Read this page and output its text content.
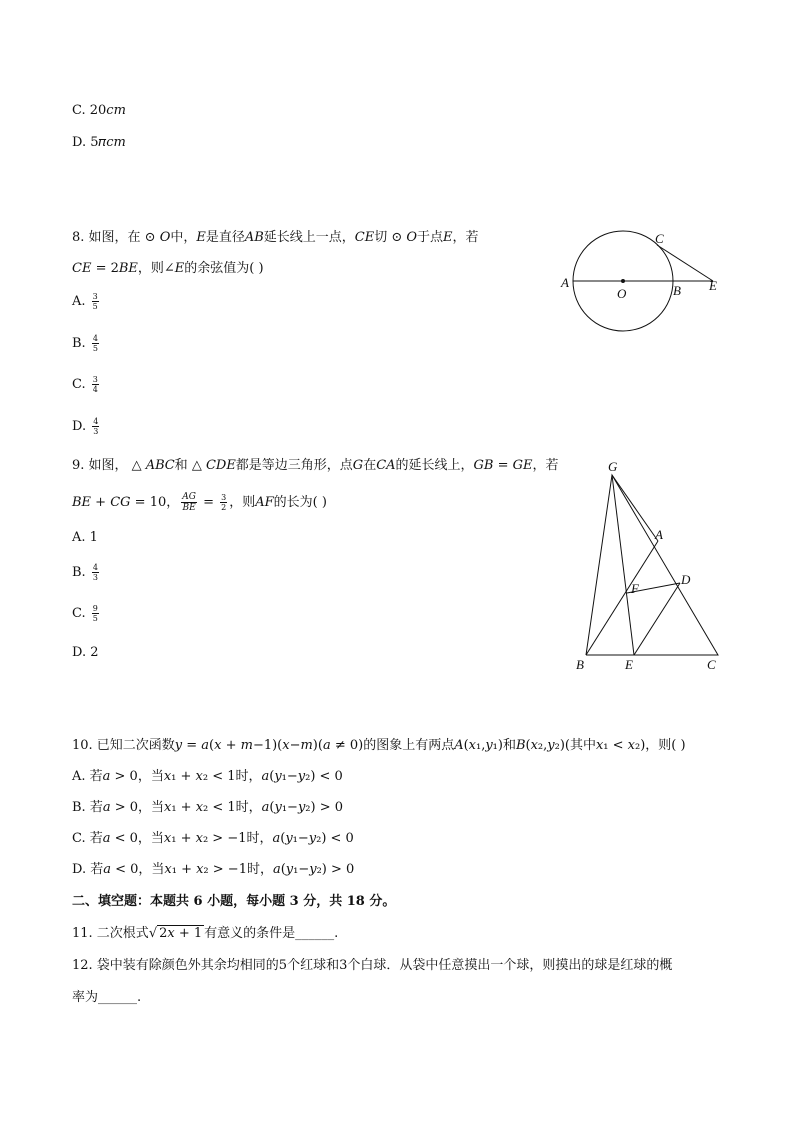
C. 20𝑐𝑚
D. 5𝜋𝑐𝑚
8. 如图，在 ⊙ 𝑂中，𝐸是直径𝐴𝐵延长线上一点，𝐶𝐸切 ⊙ 𝑂于点𝐸，若
𝐶𝐸 = 2𝐵𝐸，则∠𝐸的余弦值为( )
A. $\frac{3}{5}$
B. $\frac{4}{5}$
C. $\frac{3}{4}$
D. $\frac{4}{3}$
A
O	B
C
E
9. 如图， △ 𝐴𝐵𝐶和 △ 𝐶𝐷𝐸都是等边三角形，点𝐺在𝐶𝐴的延长线上，𝐺𝐵 = 𝐺𝐸，若
𝐵𝐸 + 𝐶𝐺 = 10， $\frac{\text{𝐴𝐺}}{\text{𝐵𝐸}} = \frac{3}{2}$ ，则𝐴𝐹的长为( )
A. 1
B. $\frac{4}{3}$
C. $\frac{9}{5}$
D. 2
G
A
D
F
B	E	C
10. 已知二次函数𝑦 = 𝑎(𝑥 + 𝑚−1)(𝑥−𝑚)(𝑎 ≠ 0)的图象上有两点𝐴(𝑥₁,𝑦₁)和𝐵(𝑥₂,𝑦₂)(其中𝑥₁ < 𝑥₂)，则( )
A. 若𝑎 > 0，当𝑥₁ + 𝑥₂ < 1时，𝑎(𝑦₁−𝑦₂) < 0
B. 若𝑎 > 0，当𝑥₁ + 𝑥₂ < 1时，𝑎(𝑦₁−𝑦₂) > 0
C. 若𝑎 < 0，当𝑥₁ + 𝑥₂ > −1时，𝑎(𝑦₁−𝑦₂) < 0
D. 若𝑎 < 0，当𝑥₁ + 𝑥₂ > −1时，𝑎(𝑦₁−𝑦₂) > 0
二、填空题：本题共 6 小题，每小题 3 分，共 18 分。
11. 二次根式√ 2𝑥 + 1 有意义的条件是______.
12. 袋中装有除颜色外其余均相同的5个红球和3个白球．从袋中任意摸出一个球，则摸出的球是红球的概
率为______.
